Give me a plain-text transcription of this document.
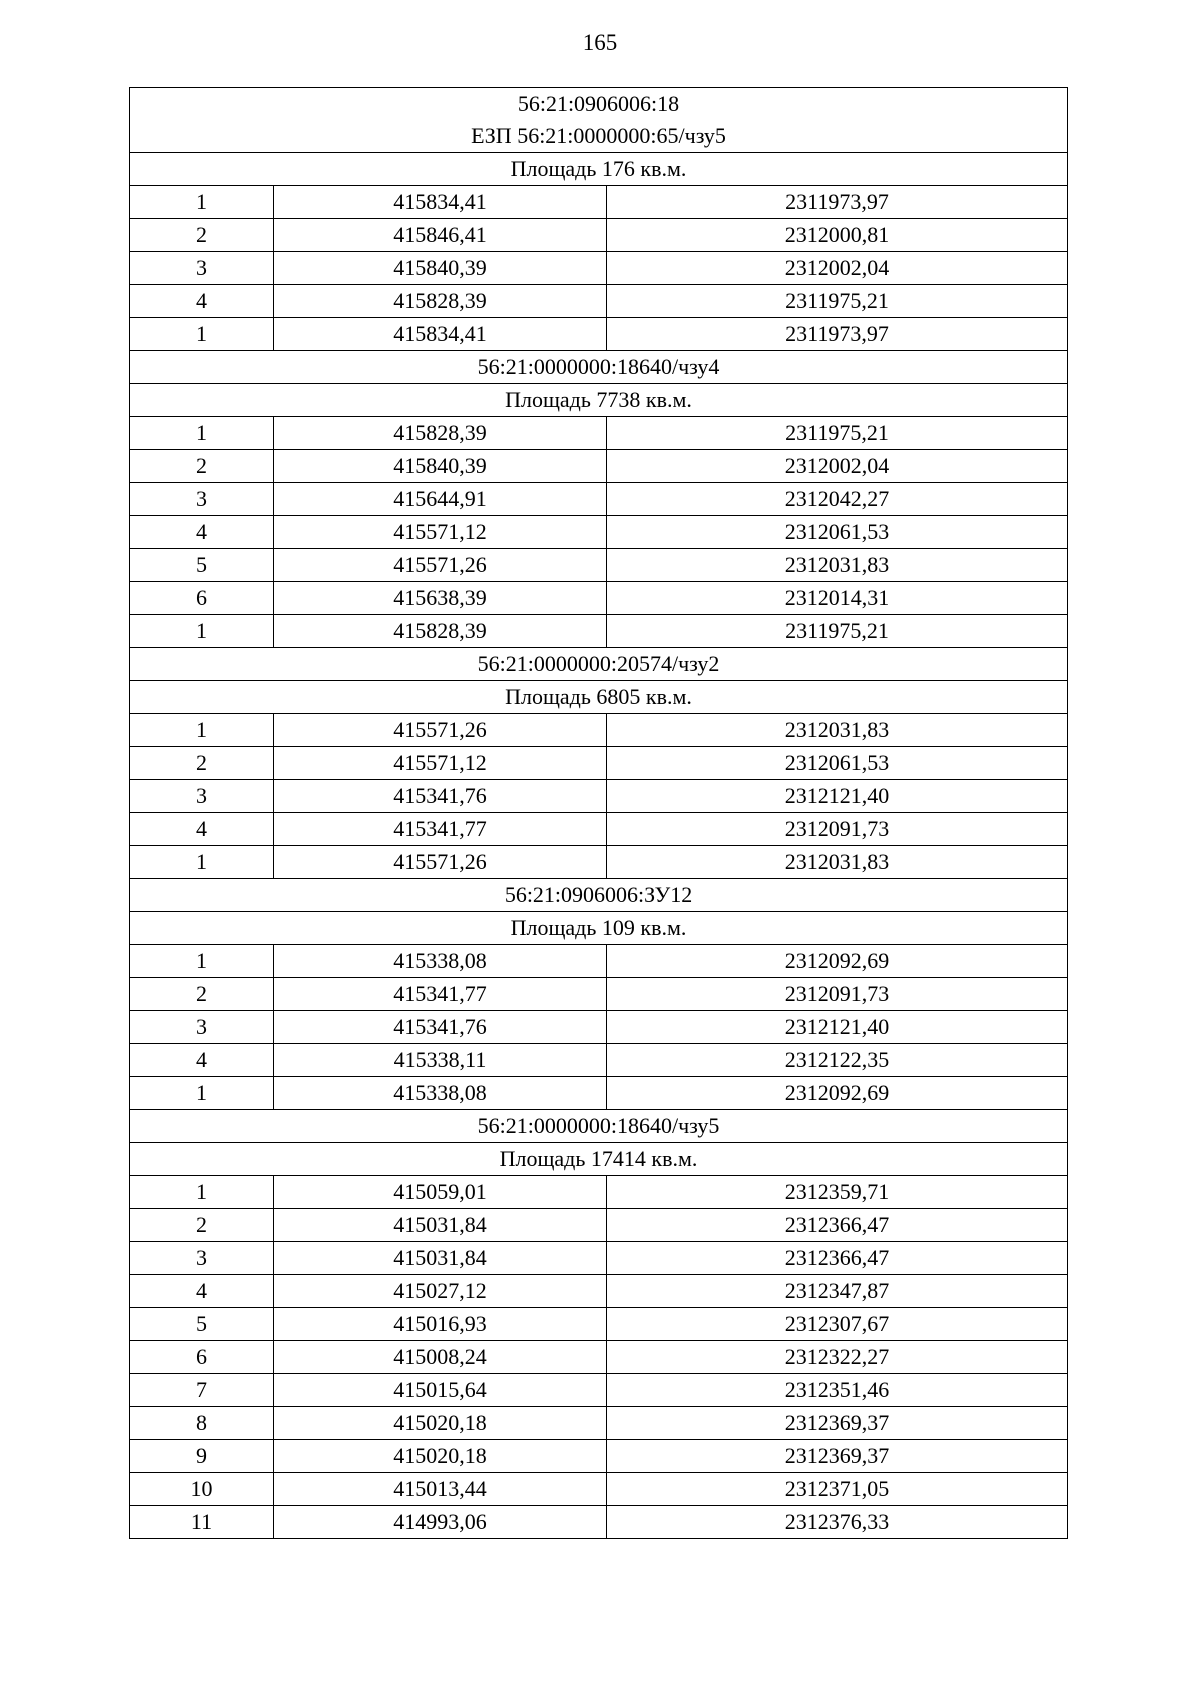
165
56:21:0906006:18
ЕЗП 56:21:0000000:65/чзу5		

Площадь 176 кв.м.		
1	415834,41	2311973,97
2	415846,41	2312000,81
3	415840,39	2312002,04
4	415828,39	2311975,21
1	415834,41	2311973,97

56:21:0000000:18640/чзу4		

Площадь 7738 кв.м.		
1	415828,39	2311975,21
2	415840,39	2312002,04
3	415644,91	2312042,27
4	415571,12	2312061,53
5	415571,26	2312031,83
6	415638,39	2312014,31
1	415828,39	2311975,21

56:21:0000000:20574/чзу2		

Площадь 6805 кв.м.		
1	415571,26	2312031,83
2	415571,12	2312061,53
3	415341,76	2312121,40
4	415341,77	2312091,73
1	415571,26	2312031,83

56:21:0906006:ЗУ12		

Площадь 109 кв.м.		
1	415338,08	2312092,69
2	415341,77	2312091,73
3	415341,76	2312121,40
4	415338,11	2312122,35
1	415338,08	2312092,69

56:21:0000000:18640/чзу5		

Площадь 17414 кв.м.		
1	415059,01	2312359,71
2	415031,84	2312366,47
3	415031,84	2312366,47
4	415027,12	2312347,87
5	415016,93	2312307,67
6	415008,24	2312322,27
7	415015,64	2312351,46
8	415020,18	2312369,37
9	415020,18	2312369,37
10	415013,44	2312371,05
11	414993,06	2312376,33
